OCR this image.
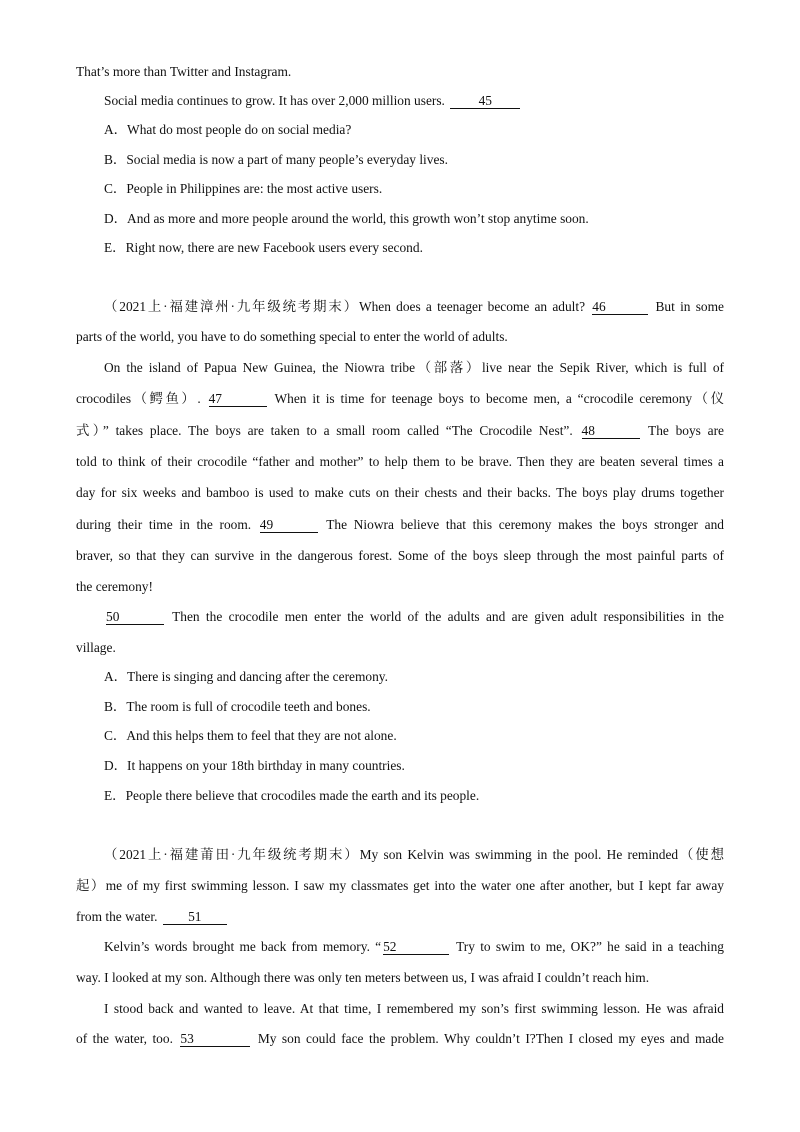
That’s more than Twitter and Instagram.
Social media continues to grow. It has over 2,000 million users.	45
A．What do most people do on social media?
B．Social media is now a part of many people’s everyday lives.
C．People in Philippines are: the most active users.
D．And as more and more people around the world, this growth won’t stop anytime soon.
E．Right now, there are new Facebook users every second.
（2021上·福建漳州·九年级统考期末）When does a teenager become an adult? 46	But in some
parts of the world, you have to do something special to enter the world of adults.
On the island of Papua New Guinea, the Niowra tribe（部落）live near the Sepik River, which is full of
crocodiles（鳄鱼）. 47	When it is time for teenage boys to become men, a “crocodile ceremony（仪
式）” takes place. The boys are taken to a small room called “The Crocodile Nest”. 48	The boys are
told to think of their crocodile “father and mother” to help them to be brave. Then they are beaten several times a
day for six weeks and bamboo is used to make cuts on their chests and their backs. The boys play drums together
during their time in the room. 49	The Niowra believe that this ceremony makes the boys stronger and
braver, so that they can survive in the dangerous forest. Some of the boys sleep through the most painful parts of
the ceremony!
50	Then the crocodile men enter the world of the adults and are given adult responsibilities in the
village.
A．There is singing and dancing after the ceremony.
B．The room is full of crocodile teeth and bones.
C．And this helps them to feel that they are not alone.
D．It happens on your 18th birthday in many countries.
E．People there believe that crocodiles made the earth and its people.
（2021上·福建莆田·九年级统考期末）My son Kelvin was swimming in the pool. He reminded（使想
起）me of my first swimming lesson. I saw my classmates get into the water one after another, but I kept far away
from the water. 51
Kelvin’s words brought me back from memory. “ 52	Try to swim to me, OK?” he said in a teaching
way. I looked at my son. Although there was only ten meters between us, I was afraid I couldn’t reach him.
I stood back and wanted to leave. At that time, I remembered my son’s first swimming lesson. He was afraid
of the water, too. 53	My son could face the problem. Why couldn’t I?Then I closed my eyes and made
